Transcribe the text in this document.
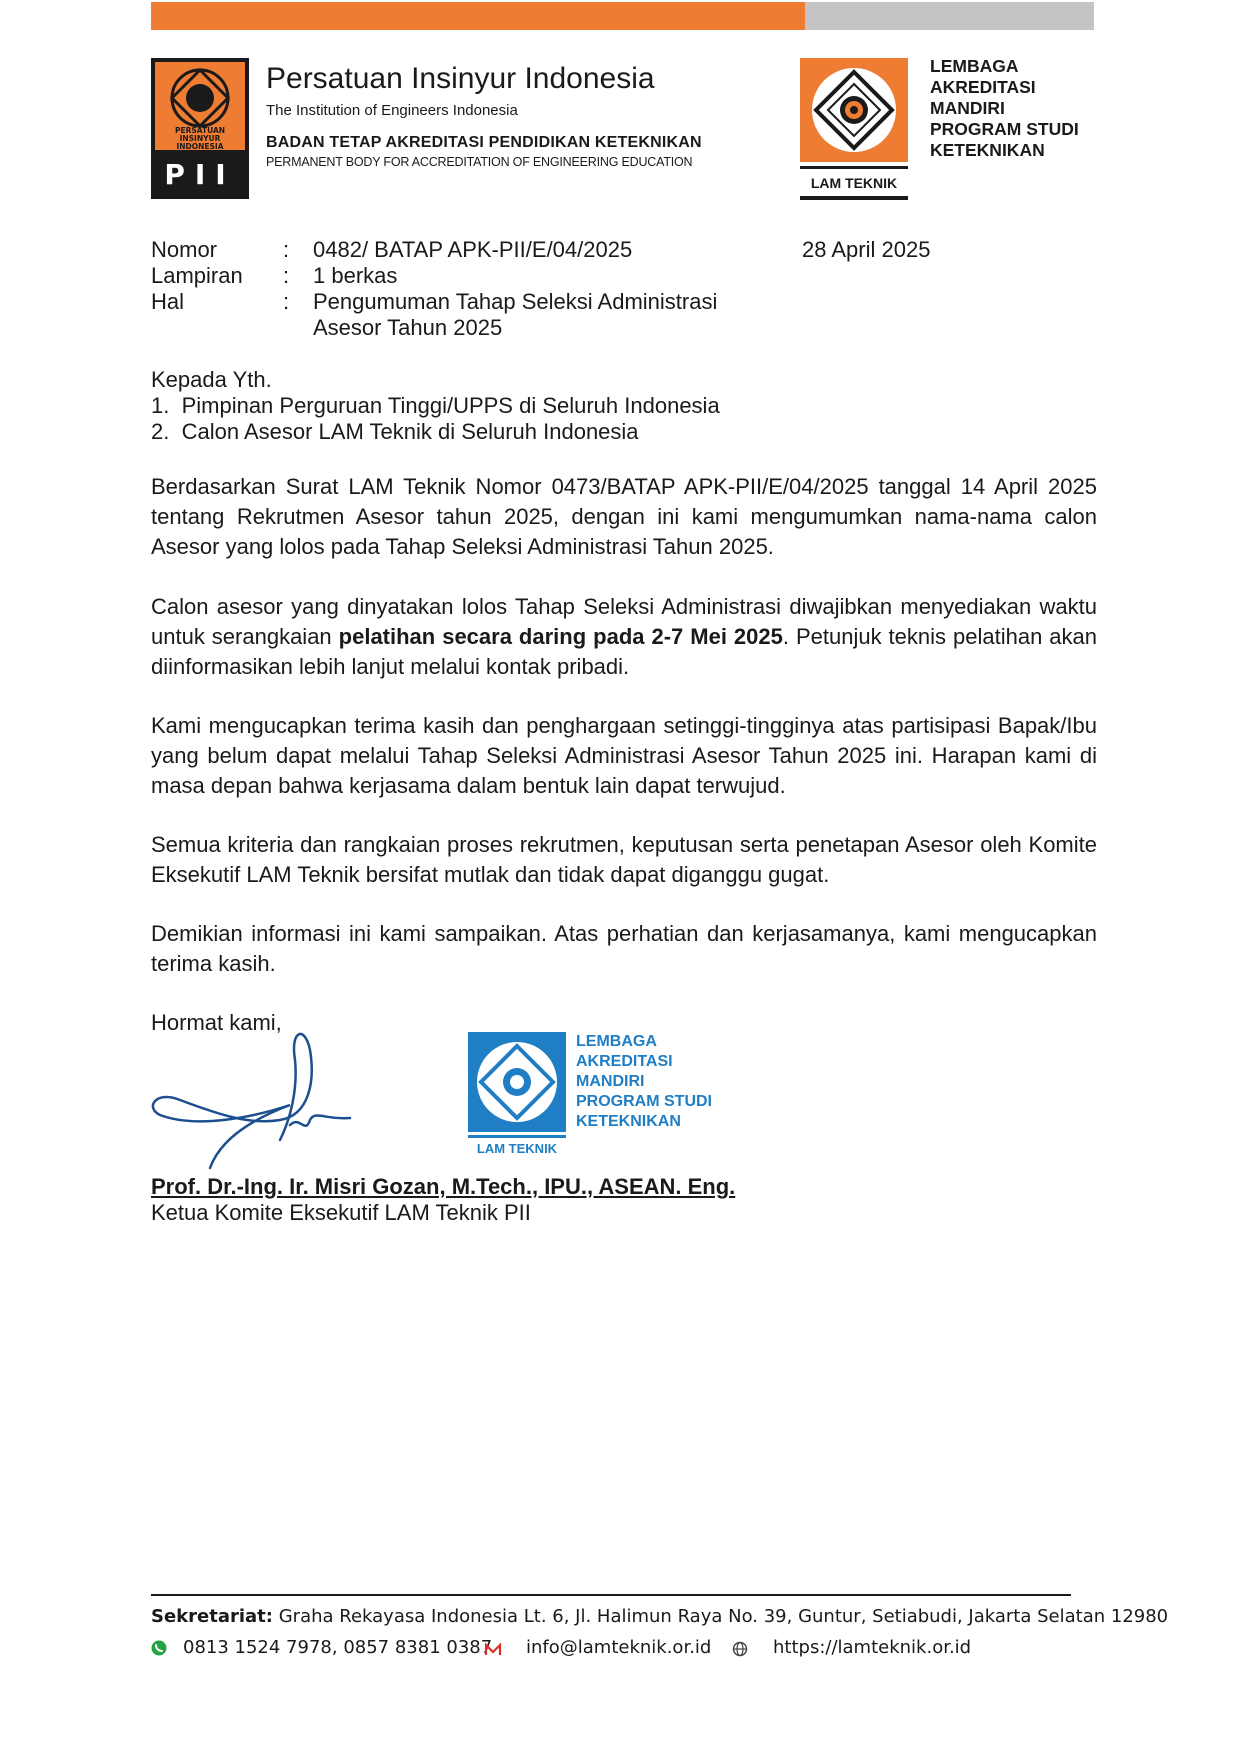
PERSATUAN
INSINYUR
INDONESIA
PII
Persatuan Insinyur Indonesia
The Institution of Engineers Indonesia
BADAN TETAP AKREDITASI PENDIDIKAN KETEKNIKAN
PERMANENT BODY FOR ACCREDITATION OF ENGINEERING EDUCATION
LAM TEKNIK
LEMBAGA
AKREDITASI
MANDIRI
PROGRAM STUDI
KETEKNIKAN
Nomor	: 0482/ BATAP APK-PII/E/04/2025	28 April 2025
Lampiran : 1 berkas
Hal	: Pengumuman Tahap Seleksi Administrasi
Asesor Tahun 2025
Kepada Yth.
1.  Pimpinan Perguruan Tinggi/UPPS di Seluruh Indonesia
2.  Calon Asesor LAM Teknik di Seluruh Indonesia
Berdasarkan Surat LAM Teknik Nomor 0473/BATAP APK-PII/E/04/2025 tanggal 14 April 2025 tentang Rekrutmen Asesor tahun 2025, dengan ini kami mengumumkan nama-nama calon Asesor yang lolos pada Tahap Seleksi Administrasi Tahun 2025.
Calon asesor yang dinyatakan lolos Tahap Seleksi Administrasi diwajibkan menyediakan waktu untuk serangkaian pelatihan secara daring pada 2-7 Mei 2025. Petunjuk teknis pelatihan akan diinformasikan lebih lanjut melalui kontak pribadi.
Kami mengucapkan terima kasih dan penghargaan setinggi-tingginya atas partisipasi Bapak/Ibu yang belum dapat melalui Tahap Seleksi Administrasi Asesor Tahun 2025 ini. Harapan kami di masa depan bahwa kerjasama dalam bentuk lain dapat terwujud.
Semua kriteria dan rangkaian proses rekrutmen, keputusan serta penetapan Asesor oleh Komite Eksekutif LAM Teknik bersifat mutlak dan tidak dapat diganggu gugat.
Demikian informasi ini kami sampaikan. Atas perhatian dan kerjasamanya, kami mengucapkan terima kasih.
Hormat kami,
LAM TEKNIK
LEMBAGA
AKREDITASI
MANDIRI
PROGRAM STUDI
KETEKNIKAN
Prof. Dr.-Ing. Ir. Misri Gozan, M.Tech., IPU., ASEAN. Eng.
Ketua Komite Eksekutif LAM Teknik PII
Sekretariat: Graha Rekayasa Indonesia Lt. 6, Jl. Halimun Raya No. 39, Guntur, Setiabudi, Jakarta Selatan 12980
0813 1524 7978, 0857 8381 0387 info@lamteknik.or.id	https://lamteknik.or.id
